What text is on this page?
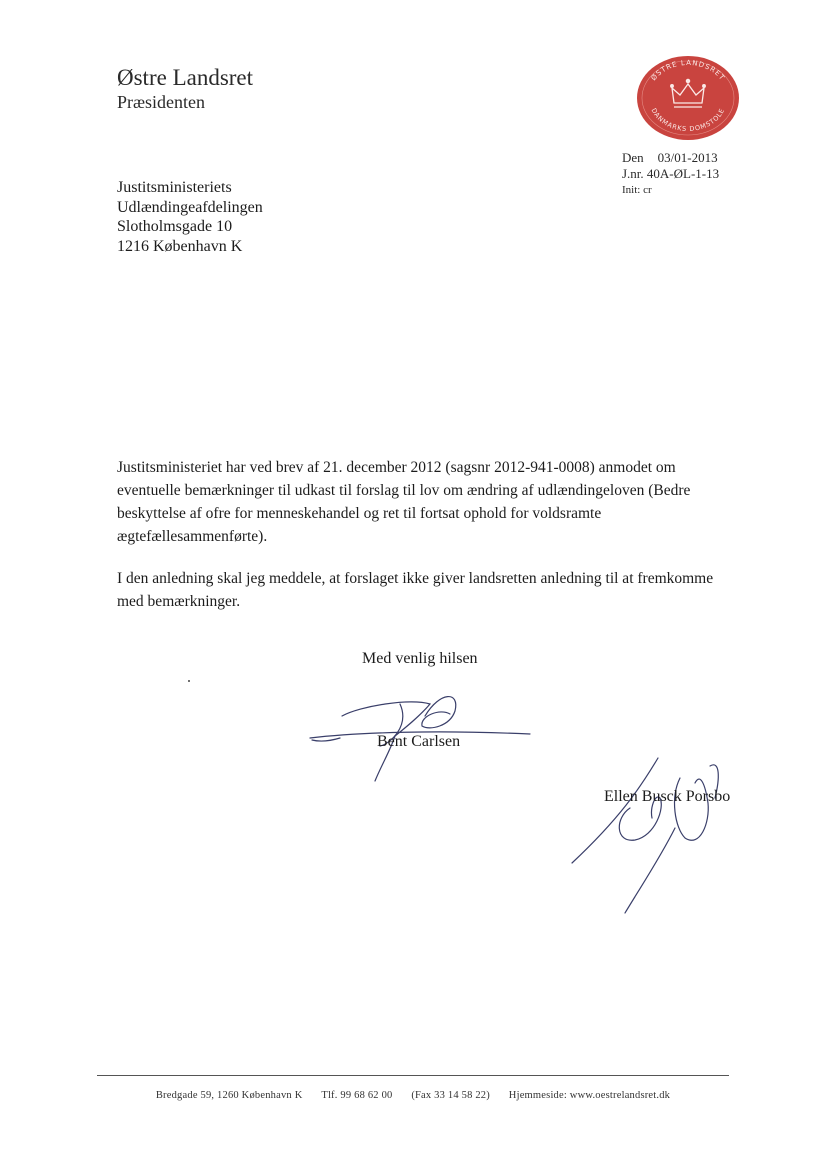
Østre Landsret
Præsidenten
ØSTRE LANDSRET
DANMARKS DOMSTOLE
Den 03/01-2013
J.nr. 40A-ØL-1-13
Init: cr
Justitsministeriets
Udlændingeafdelingen
Slotholmsgade 10
1216 København K
Justitsministeriet har ved brev af 21. december 2012 (sagsnr 2012-941-0008) anmodet om eventuelle bemærkninger til udkast til forslag til lov om ændring af udlændingeloven (Bedre beskyttelse af ofre for menneskehandel og ret til fortsat ophold for voldsramte ægtefællesammenførte).
I den anledning skal jeg meddele, at forslaget ikke giver landsretten anledning til at fremkomme med bemærkninger.
Med venlig hilsen
Bent Carlsen
Ellen Busck Porsbo
Bredgade 59, 1260 København K Tlf. 99 68 62 00 (Fax 33 14 58 22) Hjemmeside: www.oestrelandsret.dk
